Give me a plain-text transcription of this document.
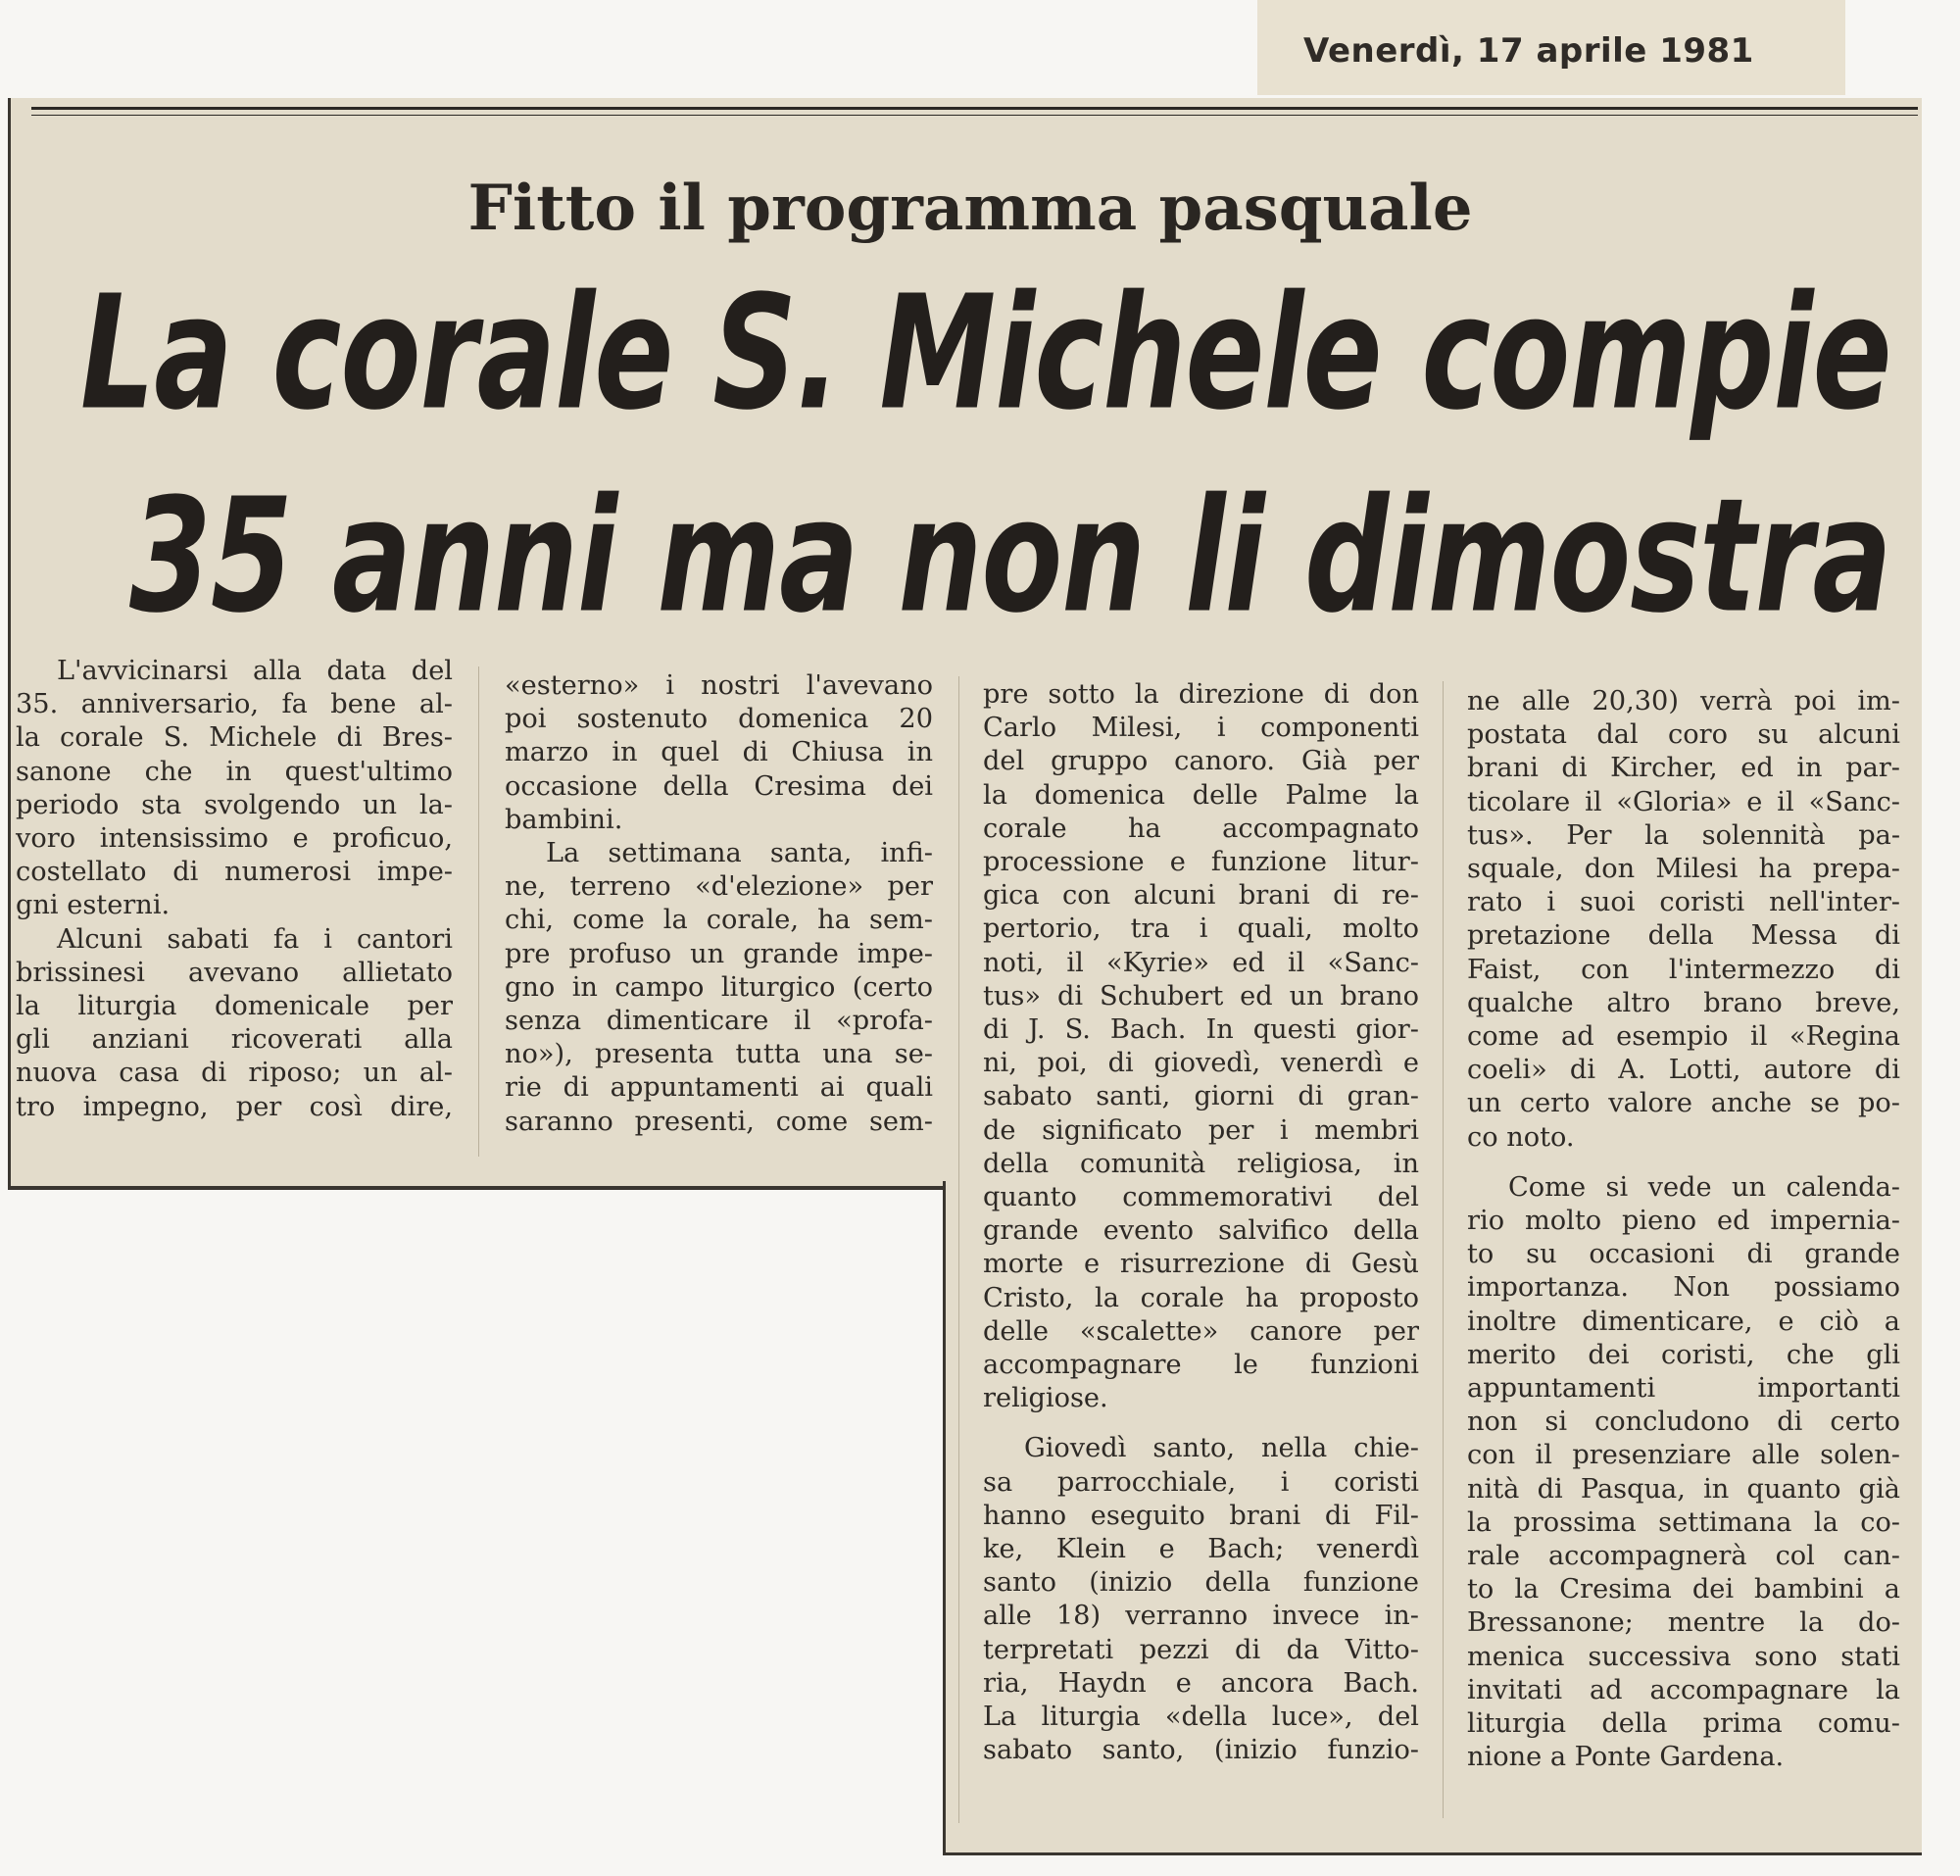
Venerdì, 17 aprile 1981
Fitto il programma pasquale
La corale S. Michele compie
35 anni ma non li dimostra
L'avvicinarsi alla data del
35. anniversario, fa bene al-
la corale S. Michele di Bres-
sanone che in quest'ultimo
periodo sta svolgendo un la-
voro intensissimo e proficuo,
costellato di numerosi impe-
gni esterni.
Alcuni sabati fa i cantori
brissinesi avevano allietato
la liturgia domenicale per
gli anziani ricoverati alla
nuova casa di riposo; un al-
tro impegno, per così dire,
«esterno» i nostri l'avevano
poi sostenuto domenica 20
marzo in quel di Chiusa in
occasione della Cresima dei
bambini.
La settimana santa, infi-
ne, terreno «d'elezione» per
chi, come la corale, ha sem-
pre profuso un grande impe-
gno in campo liturgico (certo
senza dimenticare il «profa-
no»), presenta tutta una se-
rie di appuntamenti ai quali
saranno presenti, come sem-
pre sotto la direzione di don
Carlo Milesi, i componenti
del gruppo canoro. Già per
la domenica delle Palme la
corale ha accompagnato
processione e funzione litur-
gica con alcuni brani di re-
pertorio, tra i quali, molto
noti, il «Kyrie» ed il «Sanc-
tus» di Schubert ed un brano
di J. S. Bach. In questi gior-
ni, poi, di giovedì, venerdì e
sabato santi, giorni di gran-
de significato per i membri
della comunità religiosa, in
quanto commemorativi del
grande evento salvifico della
morte e risurrezione di Gesù
Cristo, la corale ha proposto
delle «scalette» canore per
accompagnare le funzioni
religiose.
Giovedì santo, nella chie-
sa parrocchiale, i coristi
hanno eseguito brani di Fil-
ke, Klein e Bach; venerdì
santo (inizio della funzione
alle 18) verranno invece in-
terpretati pezzi di da Vitto-
ria, Haydn e ancora Bach.
La liturgia «della luce», del
sabato santo, (inizio funzio-
ne alle 20,30) verrà poi im-
postata dal coro su alcuni
brani di Kircher, ed in par-
ticolare il «Gloria» e il «Sanc-
tus». Per la solennità pa-
squale, don Milesi ha prepa-
rato i suoi coristi nell'inter-
pretazione della Messa di
Faist, con l'intermezzo di
qualche altro brano breve,
come ad esempio il «Regina
coeli» di A. Lotti, autore di
un certo valore anche se po-
co noto.
Come si vede un calenda-
rio molto pieno ed imperniа-
to su occasioni di grande
importanza. Non possiamo
inoltre dimenticare, e ciò a
merito dei coristi, che gli
appuntamenti importanti
non si concludono di certo
con il presenziare alle solen-
nità di Pasqua, in quanto già
la prossima settimana la co-
rale accompagnerà col can-
to la Cresima dei bambini a
Bressanone; mentre la do-
menica successiva sono stati
invitati ad accompagnare la
liturgia della prima comu-
nione a Ponte Gardena.
